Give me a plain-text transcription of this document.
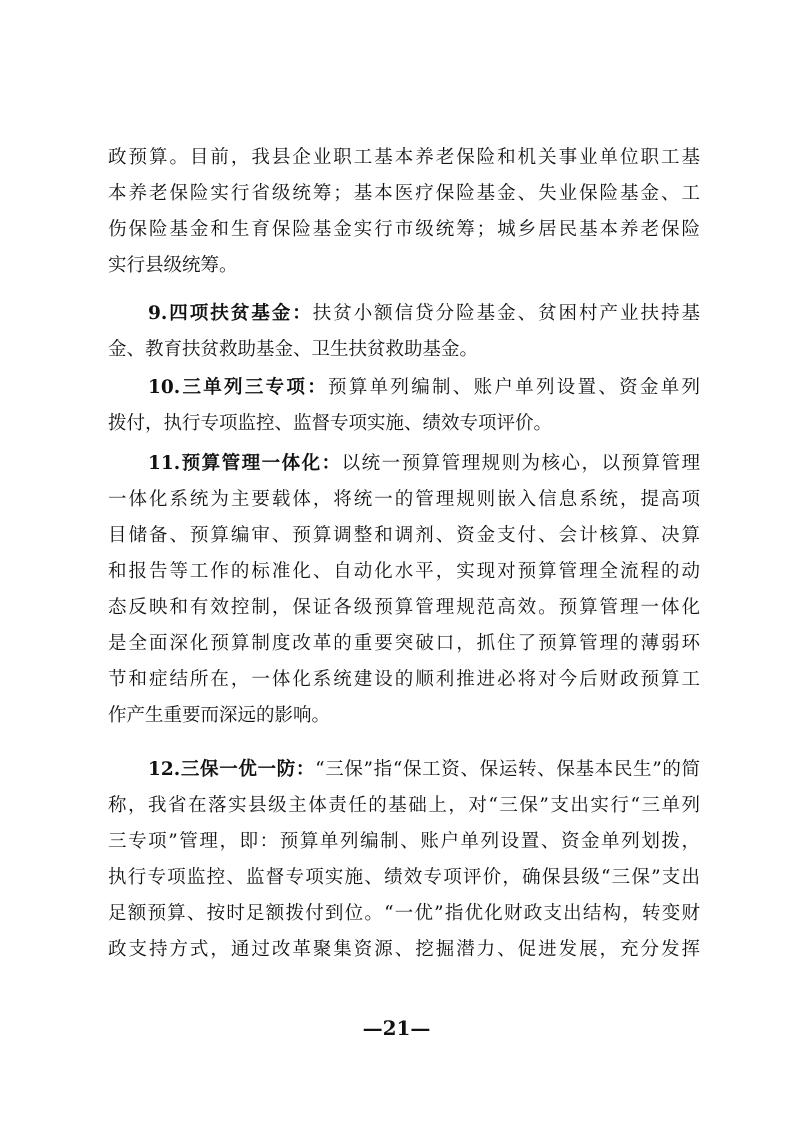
政预算。目前，我县企业职工基本养老保险和机关事业单位职工基
本养老保险实行省级统筹；基本医疗保险基金、失业保险基金、工
伤保险基金和生育保险基金实行市级统筹；城乡居民基本养老保险
实行县级统筹。
9.四项扶贫基金：扶贫小额信贷分险基金、贫困村产业扶持基
金、教育扶贫救助基金、卫生扶贫救助基金。
10.三单列三专项：预算单列编制、账户单列设置、资金单列
拨付，执行专项监控、监督专项实施、绩效专项评价。
11.预算管理一体化：以统一预算管理规则为核心，以预算管理
一体化系统为主要载体，将统一的管理规则嵌入信息系统，提高项
目储备、预算编审、预算调整和调剂、资金支付、会计核算、决算
和报告等工作的标准化、自动化水平，实现对预算管理全流程的动
态反映和有效控制，保证各级预算管理规范高效。预算管理一体化
是全面深化预算制度改革的重要突破口，抓住了预算管理的薄弱环
节和症结所在，一体化系统建设的顺利推进必将对今后财政预算工
作产生重要而深远的影响。
12.三保一优一防：“三保”指“保工资、保运转、保基本民生”的简
称，我省在落实县级主体责任的基础上，对“三保”支出实行“三单列
三专项”管理，即：预算单列编制、账户单列设置、资金单列划拨，
执行专项监控、监督专项实施、绩效专项评价，确保县级“三保”支出
足额预算、按时足额拨付到位。“一优”指优化财政支出结构，转变财
政支持方式，通过改革聚集资源、挖掘潜力、促进发展，充分发挥
—21—
